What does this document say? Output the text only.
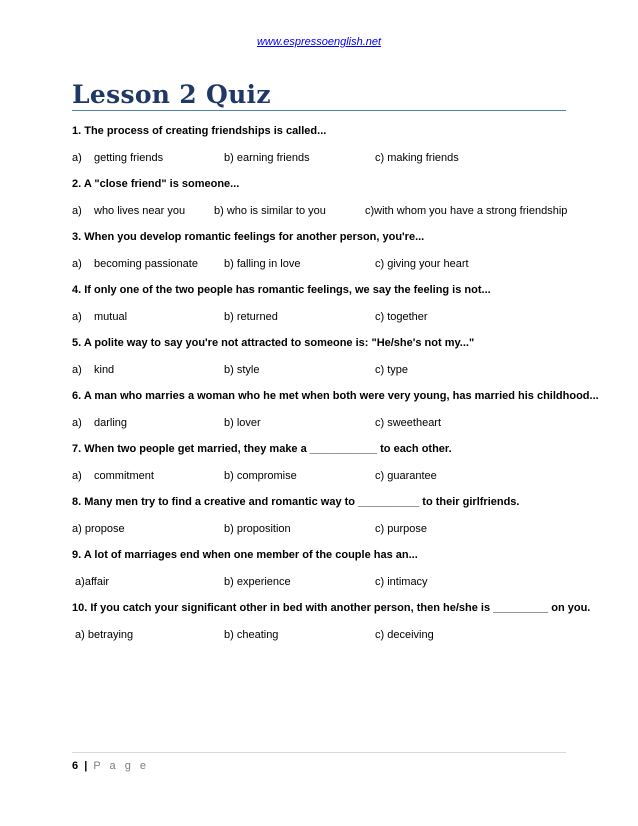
www.espressoenglish.net
Lesson 2 Quiz
1. The process of creating friendships is called...
a) getting friends	b) earning friends	c) making friends
2. A "close friend" is someone...
a) who lives near you	b) who is similar to you	c)with whom you have a strong friendship
3. When you develop romantic feelings for another person, you're...
a) becoming passionate b) falling in love	c) giving your heart
4. If only one of the two people has romantic feelings, we say the feeling is not...
a) mutual	b) returned	c) together
5. A polite way to say you're not attracted to someone is: "He/she's not my..."
a) kind	b) style	c) type
6. A man who marries a woman who he met when both were very young, has married his childhood...
a) darling	b) lover	c) sweetheart
7. When two people get married, they make a ___________ to each other.
a) commitment	b) compromise	c) guarantee
8. Many men try to find a creative and romantic way to __________ to their girlfriends.
a) propose	b) proposition	c) purpose
9. A lot of marriages end when one member of the couple has an...
a)affair	b) experience	c) intimacy
10. If you catch your significant other in bed with another person, then he/she is _________ on you.
a) betraying	b) cheating	c) deceiving
6 | P a g e
